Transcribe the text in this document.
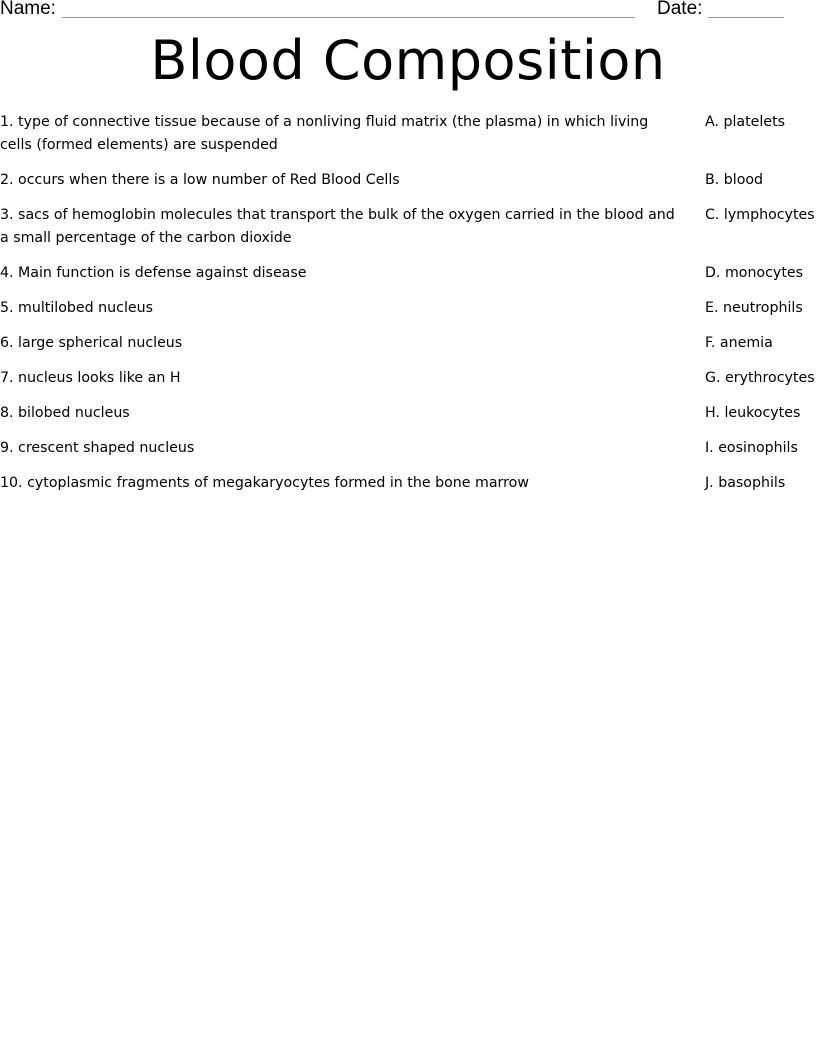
Name:	Date:
Blood Composition
1. type of connective tissue because of a nonliving fluid matrix (the plasma) in which living cells (formed elements) are suspended
2. occurs when there is a low number of Red Blood Cells
3. sacs of hemoglobin molecules that transport the bulk of the oxygen carried in the blood and a small percentage of the carbon dioxide
4. Main function is defense against disease
5. multilobed nucleus
6. large spherical nucleus
7. nucleus looks like an H
8. bilobed nucleus
9. crescent shaped nucleus
10. cytoplasmic fragments of megakaryocytes formed in the bone marrow
A. platelets
B. blood
C. lymphocytes
D. monocytes
E. neutrophils
F. anemia
G. erythrocytes
H. leukocytes
I. eosinophils
J. basophils
